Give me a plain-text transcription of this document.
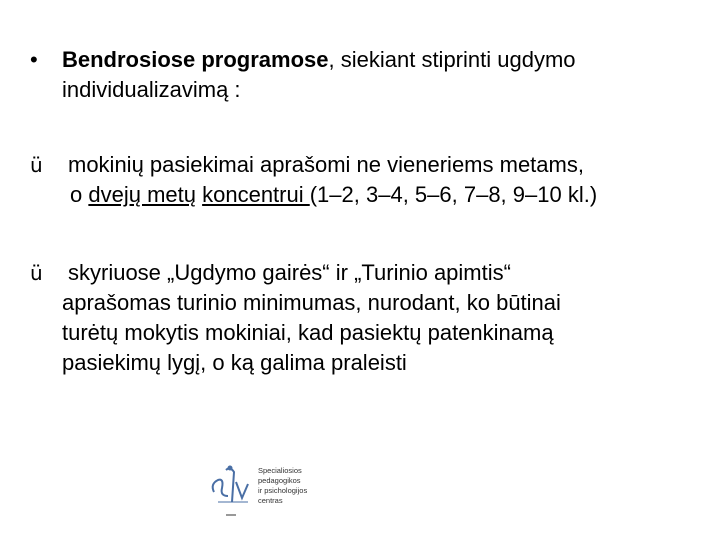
•	Bendrosiose programose, siekiant stiprinti ugdymo
individualizavimą :
ü	mokinių pasiekimai aprašomi ne vieneriems metams,
o dvejų metų koncentrui (1–2, 3–4, 5–6, 7–8, 9–10 kl.)
ü	skyriuose „Ugdymo gairės“ ir „Turinio apimtis“
aprašomas turinio minimumas, nurodant, ko būtinai
turėtų mokytis mokiniai, kad pasiektų patenkinamą
pasiekimų lygį, o ką galima praleisti
Specialiosios
pedagogikos
ir psichologijos
centras
